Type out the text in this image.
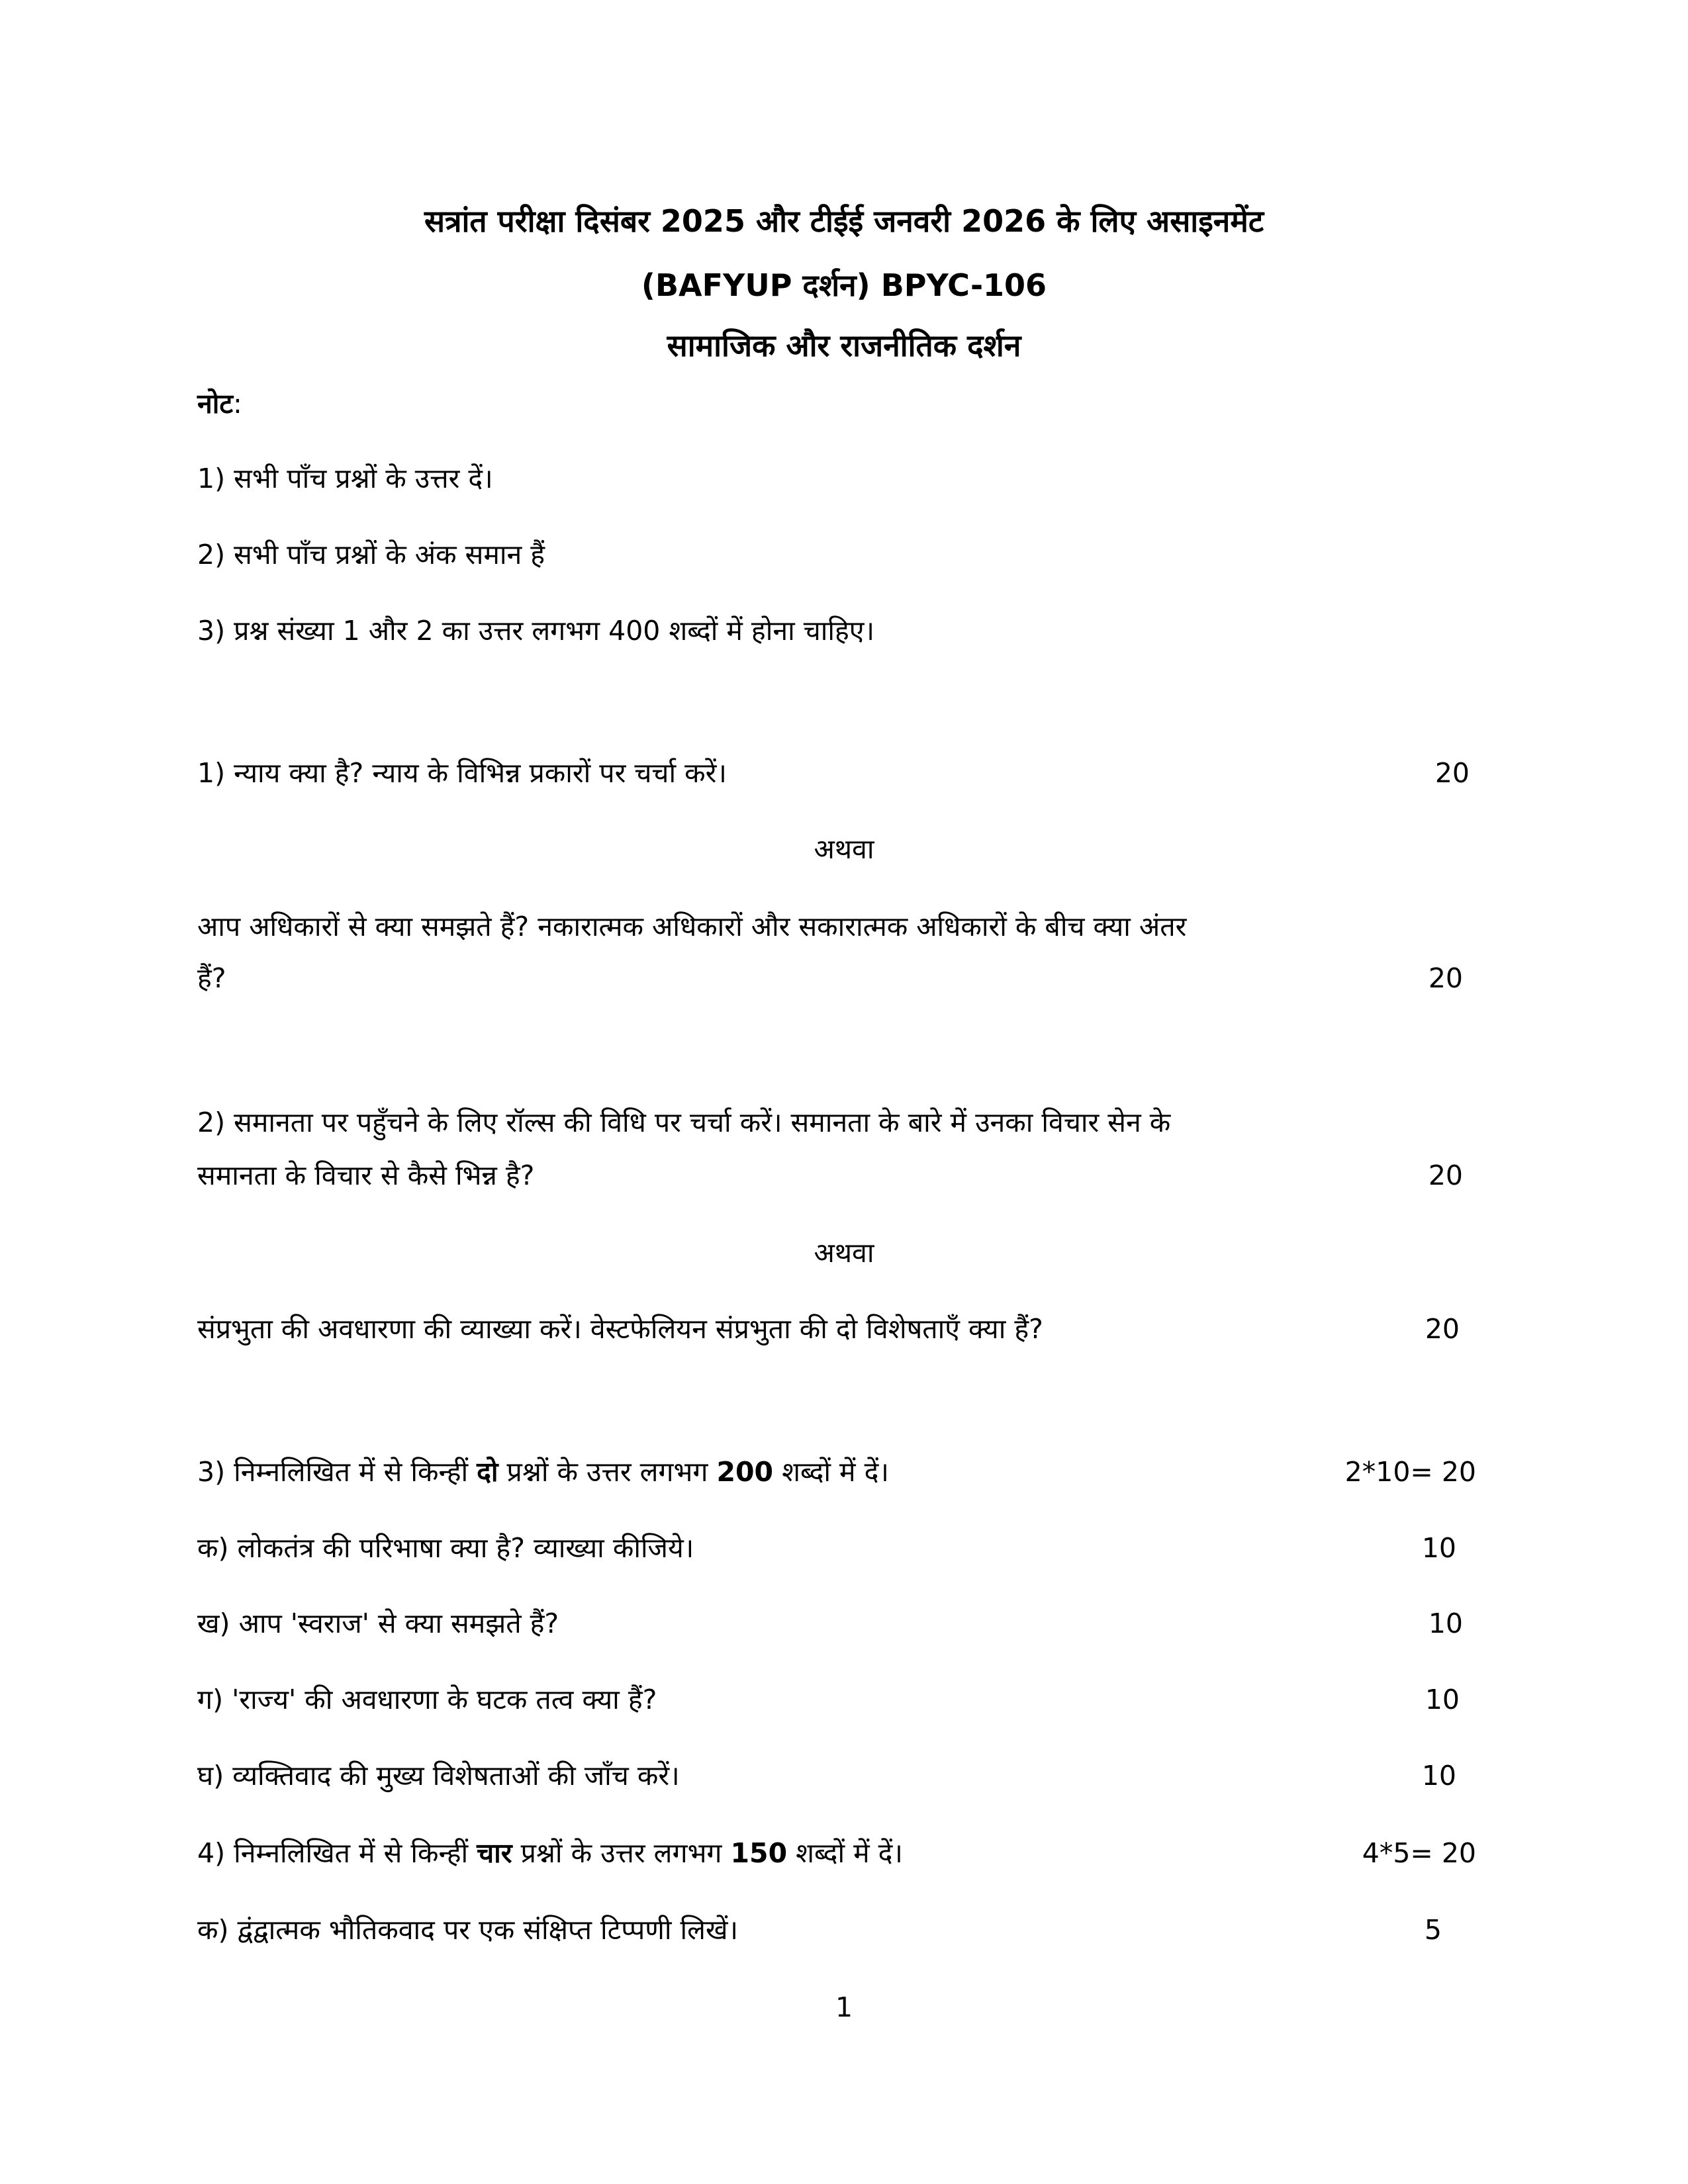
सत्रांत परीक्षा दिसंबर 2025 और टीईई जनवरी 2026 के लिए असाइनमेंट
(BAFYUP दर्शन) BPYC-106
सामाजिक और राजनीतिक दर्शन
नोट:
1) सभी पाँच प्रश्नों के उत्तर दें।
2) सभी पाँच प्रश्नों के अंक समान हैं
3) प्रश्न संख्या 1 और 2 का उत्तर लगभग 400 शब्दों में होना चाहिए।
1) न्याय क्या है? न्याय के विभिन्न प्रकारों पर चर्चा करें।	20
अथवा
आप अधिकारों से क्या समझते हैं? नकारात्मक अधिकारों और सकारात्मक अधिकारों के बीच क्या अंतर
हैं?	20
2) समानता पर पहुँचने के लिए रॉल्स की विधि पर चर्चा करें। समानता के बारे में उनका विचार सेन के
समानता के विचार से कैसे भिन्न है?	20
अथवा
संप्रभुता की अवधारणा की व्याख्या करें। वेस्टफेलियन संप्रभुता की दो विशेषताएँ क्या हैं?	20
3) निम्नलिखित में से किन्हीं दो प्रश्नों के उत्तर लगभग 200 शब्दों में दें।	2*10= 20
क) लोकतंत्र की परिभाषा क्या है? व्याख्या कीजिये।	10
ख) आप 'स्वराज' से क्या समझते हैं?	10
ग) 'राज्य' की अवधारणा के घटक तत्व क्या हैं?	10
घ) व्यक्तिवाद की मुख्य विशेषताओं की जाँच करें।	10
4) निम्नलिखित में से किन्हीं चार प्रश्नों के उत्तर लगभग 150 शब्दों में दें।	4*5= 20
क) द्वंद्वात्मक भौतिकवाद पर एक संक्षिप्त टिप्पणी लिखें।	5
1
